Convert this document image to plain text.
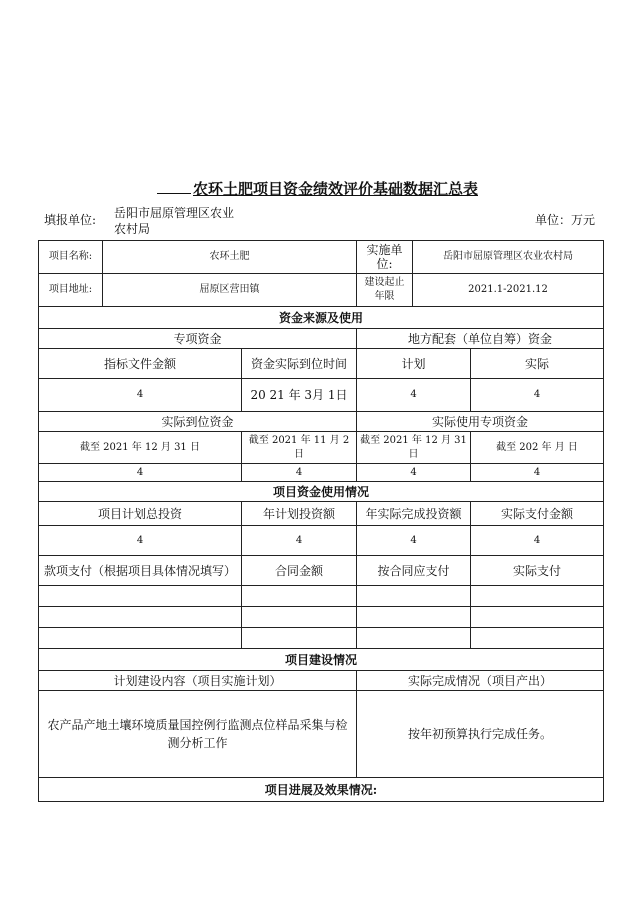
农环土肥项目资金绩效评价基础数据汇总表
填报单位: 岳阳市屈原管理区农业农村局
单位：万元
项目名称:	农环土肥		实施单位:	岳阳市屈原管理区农业农村局	
项目地址:	屈原区营田镇		建设起止年限	2021.1-2021.12	
资金来源及使用					
专项资金			地方配套（单位自筹）资金		
指标文件金额		资金实际到位时间	计划		实际
4		20 21 年 3月 1日	4		4
实际到位资金			实际使用专项资金		
截至 2021 年 12 月 31 日		截至 2021 年 11 月 2 日	截至 2021 年 12 月 31 日		截至 202 年 月 日
4		4	4		4
项目资金使用情况					
项目计划总投资		年计划投资额	年实际完成投资额		实际支付金额
4		4	4		4
款项支付（根据项目具体情况填写）		合同金额	按合同应支付		实际支付

项目建设情况					
计划建设内容（项目实施计划）			实际完成情况（项目产出）		
农产品产地土壤环境质量国控例行监测点位样品采集与检测分析工作			按年初预算执行完成任务。		
项目进展及效果情况:					
